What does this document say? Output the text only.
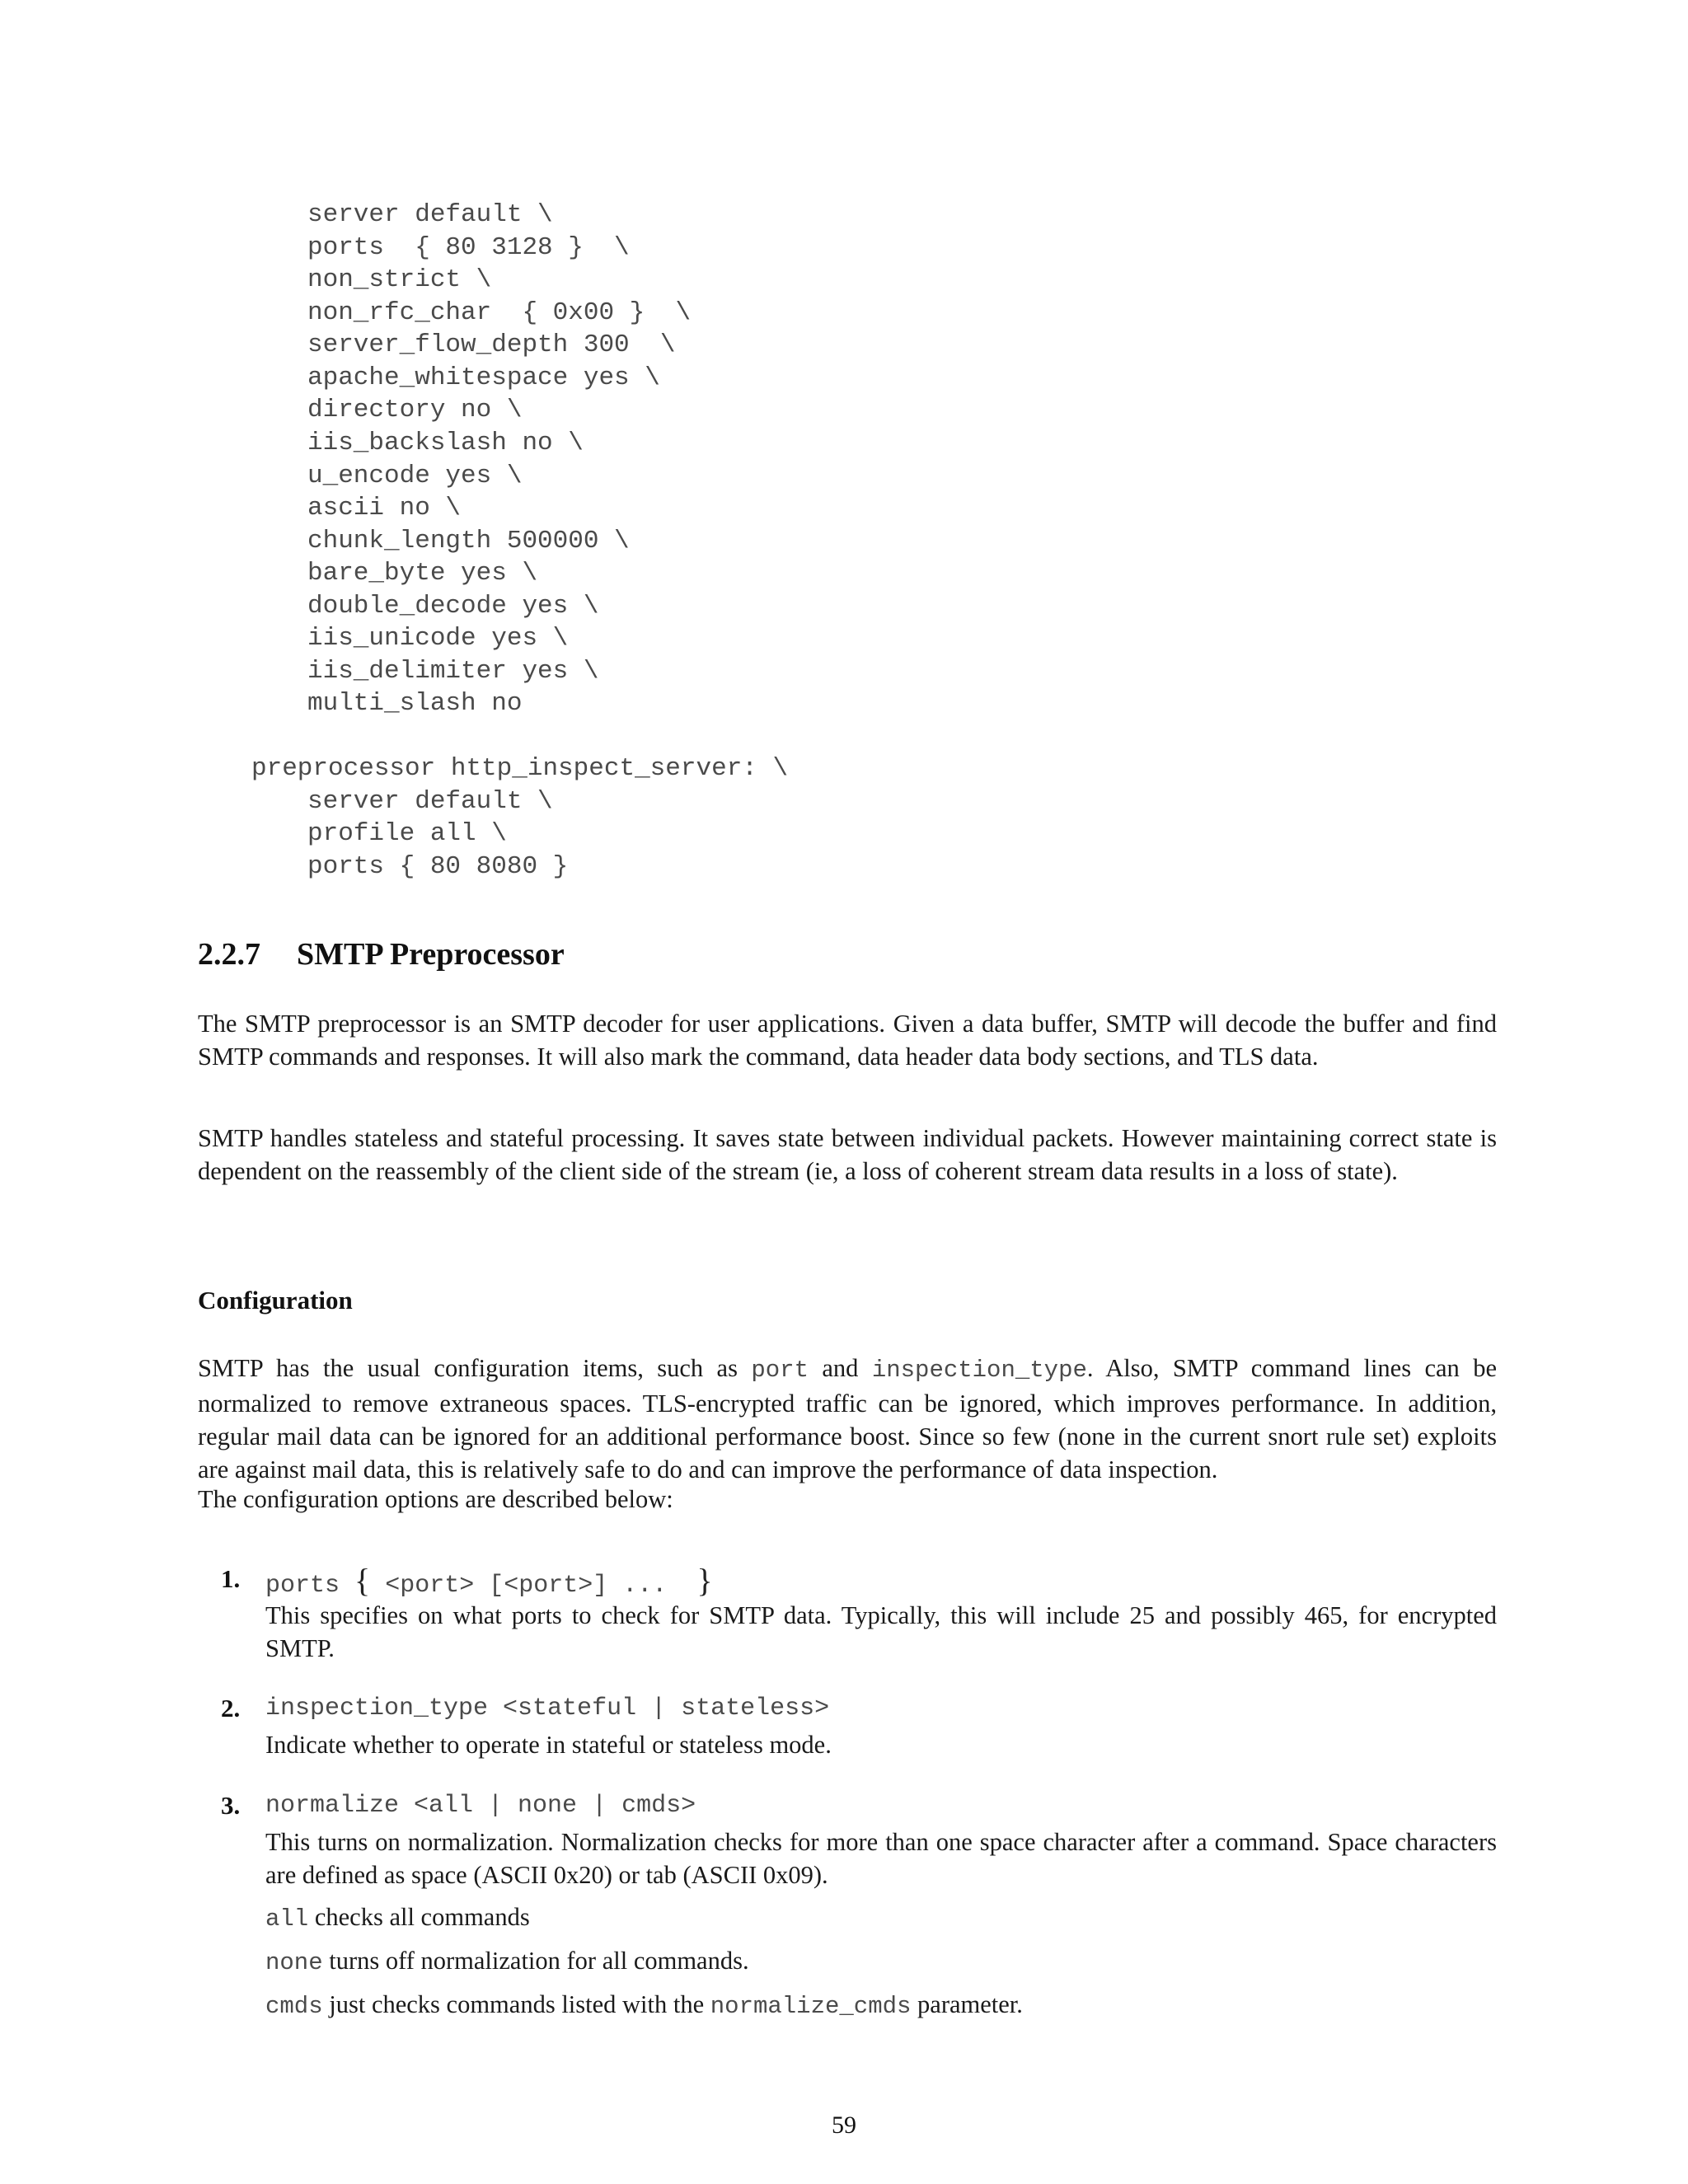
server default \

ports  { 80 3128 }  \

non_strict \

non_rfc_char  { 0x00 }  \

server_flow_depth 300  \

apache_whitespace yes \

directory no \

iis_backslash no \

u_encode yes \

ascii no \

chunk_length 500000 \

bare_byte yes \

double_decode yes \

iis_unicode yes \

iis_delimiter yes \

multi_slash no

preprocessor http_inspect_server: \

server default \

profile all \

ports { 80 8080 }

2.2.7 SMTP Preprocessor

The SMTP preprocessor is an SMTP decoder for user applications. Given a data buffer, SMTP will decode the buffer and find SMTP commands and responses. It will also mark the command, data header data body sections, and TLS data.

SMTP handles stateless and stateful processing. It saves state between individual packets. However maintaining correct state is dependent on the reassembly of the client side of the stream (ie, a loss of coherent stream data results in a loss of state).

Configuration

SMTP has the usual configuration items, such as port and inspection_type. Also, SMTP command lines can be normalized to remove extraneous spaces. TLS-encrypted traffic can be ignored, which improves performance. In addition, regular mail data can be ignored for an additional performance boost. Since so few (none in the current snort rule set) exploits are against mail data, this is relatively safe to do and can improve the performance of data inspection.

The configuration options are described below:

1. ports { <port> [<port>] ...  }

This specifies on what ports to check for SMTP data. Typically, this will include 25 and possibly 465, for encrypted SMTP.

2. inspection_type <stateful | stateless>

Indicate whether to operate in stateful or stateless mode.

3. normalize <all | none | cmds>

This turns on normalization. Normalization checks for more than one space character after a command. Space characters are defined as space (ASCII 0x20) or tab (ASCII 0x09).

all checks all commands

none turns off normalization for all commands.

cmds just checks commands listed with the normalize_cmds parameter.

59
